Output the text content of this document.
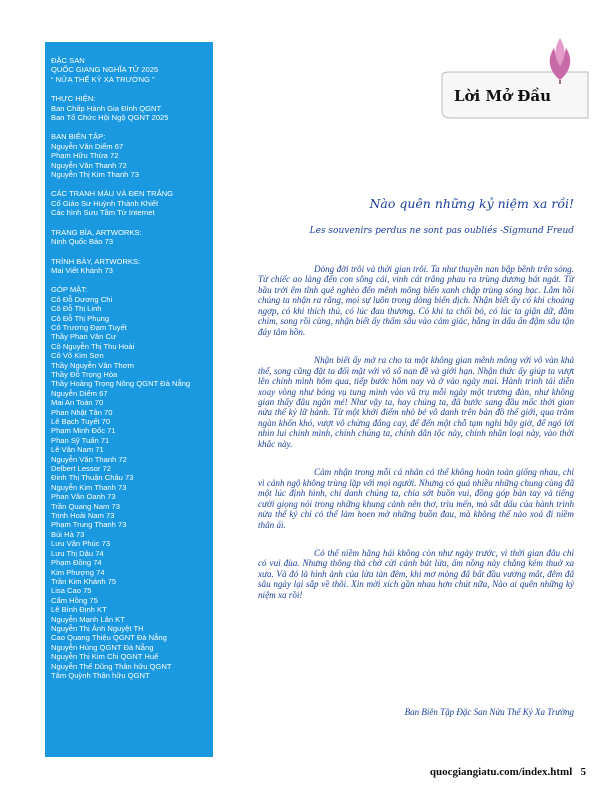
ĐẶC SAN
QUỐC GIANG NGHĨA TỬ 2025
“ NỬA THẾ KỶ XA TRƯỜNG ”
THỰC HIỆN:
Ban Chấp Hành Gia Đình QGNT
Ban Tổ Chức Hội Ngộ QGNT 2025
BAN BIÊN TẬP:
Nguyễn Văn Diểm 67
Phạm Hữu Thừa 72
Nguyễn Văn Thanh 72
Nguyễn Thị Kim Thanh 73
CÁC TRANH MÀU VÀ ĐEN TRẮNG
Cố Giáo Sư Huỳnh Thành Khiết
Các hình Sưu Tầm Từ Internet
TRANG BÌA, ARTWORKS:
Ninh Quốc Bảo 73
TRÌNH BÀY, ARTWORKS:
Mai Viết Khánh 73
GÓP MẶT:
Cô Đỗ Dương Chi
Cô Đỗ Thị Linh
Cô Đỗ Thị Phụng
Cô Trương Đạm Tuyết
Thầy Phan Văn Cư
Cô Nguyễn Thị Thu Hoài
Cô Võ Kim Sơn
Thầy Nguyễn Văn Thơm
Thầy Đỗ Trọng Hòa
Thầy Hoàng Trọng Nông QGNT Đà Nẵng
Nguyễn Diểm 67
Mai An Toàn 70
Phan Nhật Tân 70
Lê Bạch Tuyết 70
Phạm Minh Đốc 71
Phan Sỹ Tuấn 71
Lê Văn Nam 71
Nguyễn Văn Thanh 72
Delbert Lessor 72
Đinh Thị Thuận Châu 73
Nguyễn Kim Thanh 73
Phan Văn Oanh 73
Trần Quang Nam 73
Trịnh Hoài Nam 73
Phạm Trung Thanh 73
Bùi Hà 73
Lưu Văn Phúc 73
Lưu Thị Dậu 74
Phạm Đồng 74
Kim Phượng 74
Trần Kim Khánh 75
Lisa Cao 75
Cẩm Hồng 75
Lê Bình Định KT
Nguyễn Mạnh Lân KT
Nguyễn Thị Ánh Nguyệt TH
Cao Quang Thiệu QGNT Đà Nẵng
Nguyễn Hùng QGNT Đà Nẵng
Nguyễn Thị Kim Chi QGNT Huế
Nguyễn Thế Dũng Thân hữu QGNT
Tâm Quỳnh Thân hữu QGNT
Lời Mở Đầu
Nào quên những kỷ niệm xa rồi!
Les souvenirs perdus ne sont pas oubliés -Sigmund Freud

Dòng đời trôi và thời gian trôi. Ta như thuyền nan bập bềnh trên sóng. Từ chiếc ao làng đến con sông cái, vinh cát trắng phau ra trùng dương bát ngát. Từ bầu trời êm tĩnh quê nghèo đến mênh mông biển xanh chập trùng sóng bạc. Lắm hồi chúng ta nhận ra rằng, mọi sự luôn trong dòng biến dịch. Nhận biết ấy có khi choáng ngợp, có khi thích thú, có lúc đau thương. Có khi ta chối bỏ, có lúc ta giận dữ, đắm chìm, song rồi cùng, nhận biết ấy thấm sâu vào cảm giác, hằng in dấu ấn đậm sâu tận đáy tâm hồn.

Nhận biết ấy mở ra cho ta một không gian mênh mông với vô vàn khả thể, song cũng đặt ta đối mặt với vô số nan đề và giới hạn. Nhận thức ấy giúp ta vượt lên chính mình hôm qua, tiếp bước hôm nay và ở vào ngày mai. Hành trình tái diễn xoay vòng như bóng vụ tung mình vào vũ trụ mỗi ngày một trương đàn, như không gian thấy đâu ngăn mé! Như vậy ta, hay chúng ta, đã bước sang đầu mốc thời gian nửa thế kỷ lữ hành. Từ một khởi điểm nhỏ bé vô danh trên bản đồ thế giới, qua trăm ngàn khốn khó, vượt vô chừng đắng cay, để đến một chỗ tạm nghỉ bây giờ, để ngó lời nhìn lui chính mình, chính chúng ta, chính dân tộc này, chính nhân loại này, vào thời khắc này.

Cảm nhận trong mỗi cá nhân có thể không hoàn toàn giống nhau, chỉ vì cảnh ngộ không trùng lặp với mọi người. Nhưng có quá nhiều những chung cùng đã một lúc định hình, chí danh chúng ta, chia sớt buồn vui, đồng góp bàn tay và tiếng cười giọng nói trong những khung cảnh nên thơ, trìu mến, mà sắt dấu của hành trình nửa thế kỷ chỉ có thể làm hoen mờ những buồn đau, mà không thể nào xoá đi niềm thân ái.

Có thể niềm hăng hái không còn như ngày trước, vì thời gian đâu chỉ có vui đùa. Nhưng thông thả chờ cửi cánh bát lửa, ấm nồng này chẳng kém thuở xa xưa. Và đó là hình ảnh của lửa tàn đêm, khi mơ mòng đã bất đầu vương mắt, đêm đã sâu ngày lại sắp về thôi. Xin mời xích gần nhau hơn chút nữa, Nào ai quên những kỷ niệm xa rồi!

Ban Biên Tập Đặc San Nửa Thế Kỷ Xa Trường
quocgiangiatu.com/index.html 5
